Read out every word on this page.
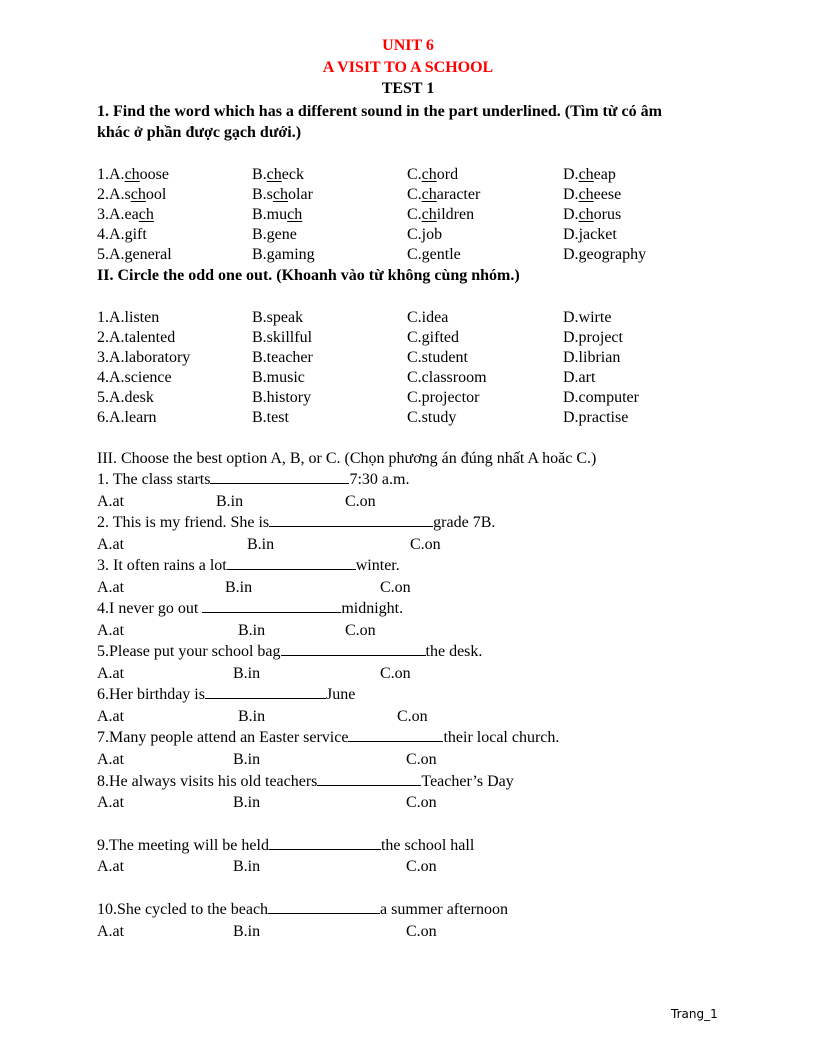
UNIT 6
A VISIT TO A SCHOOL
TEST 1
1. Find the word which has a different sound in the part underlined. (Tìm từ có âm
khác ở phần được gạch dưới.)
1.A.choose	B.check	C.chord	D.cheap
2.A.school	B.scholar	C.character	D.cheese
3.A.each	B.much	C.children	D.chorus
4.A.gift	B.gene	C.job	D.jacket
5.A.general	B.gaming	C.gentle	D.geography
II. Circle the odd one out. (Khoanh vào từ không cùng nhóm.)
1.A.listen	B.speak	C.idea	D.wirte
2.A.talented	B.skillful	C.gifted	D.project
3.A.laboratory	B.teacher	C.student	D.librian
4.A.science	B.music	C.classroom	D.art
5.A.desk	B.history	C.projector	D.computer
6.A.learn	B.test	C.study	D.practise
III. Choose the best option A, B, or C. (Chọn phương án đúng nhất A hoăc C.)
1. The class starts	7:30 a.m.
A.at	B.in	C.on
2. This is my friend. She is	grade 7B.
A.at	B.in	C.on
3. It often rains a lot	winter.
A.at	B.in	C.on
4.I never go out	midnight.
A.at	B.in	C.on
5.Please put your school bag	the desk.
A.at	B.in	C.on
6.Her birthday is	June
A.at	B.in	C.on
7.Many people attend an Easter service	their local church.
A.at	B.in	C.on
8.He always visits his old teachers	Teacher’s Day
A.at	B.in	C.on
9.The meeting will be held	the school hall
A.at	B.in	C.on
10.She cycled to the beach	a summer afternoon
A.at	B.in	C.on
Trang_1
